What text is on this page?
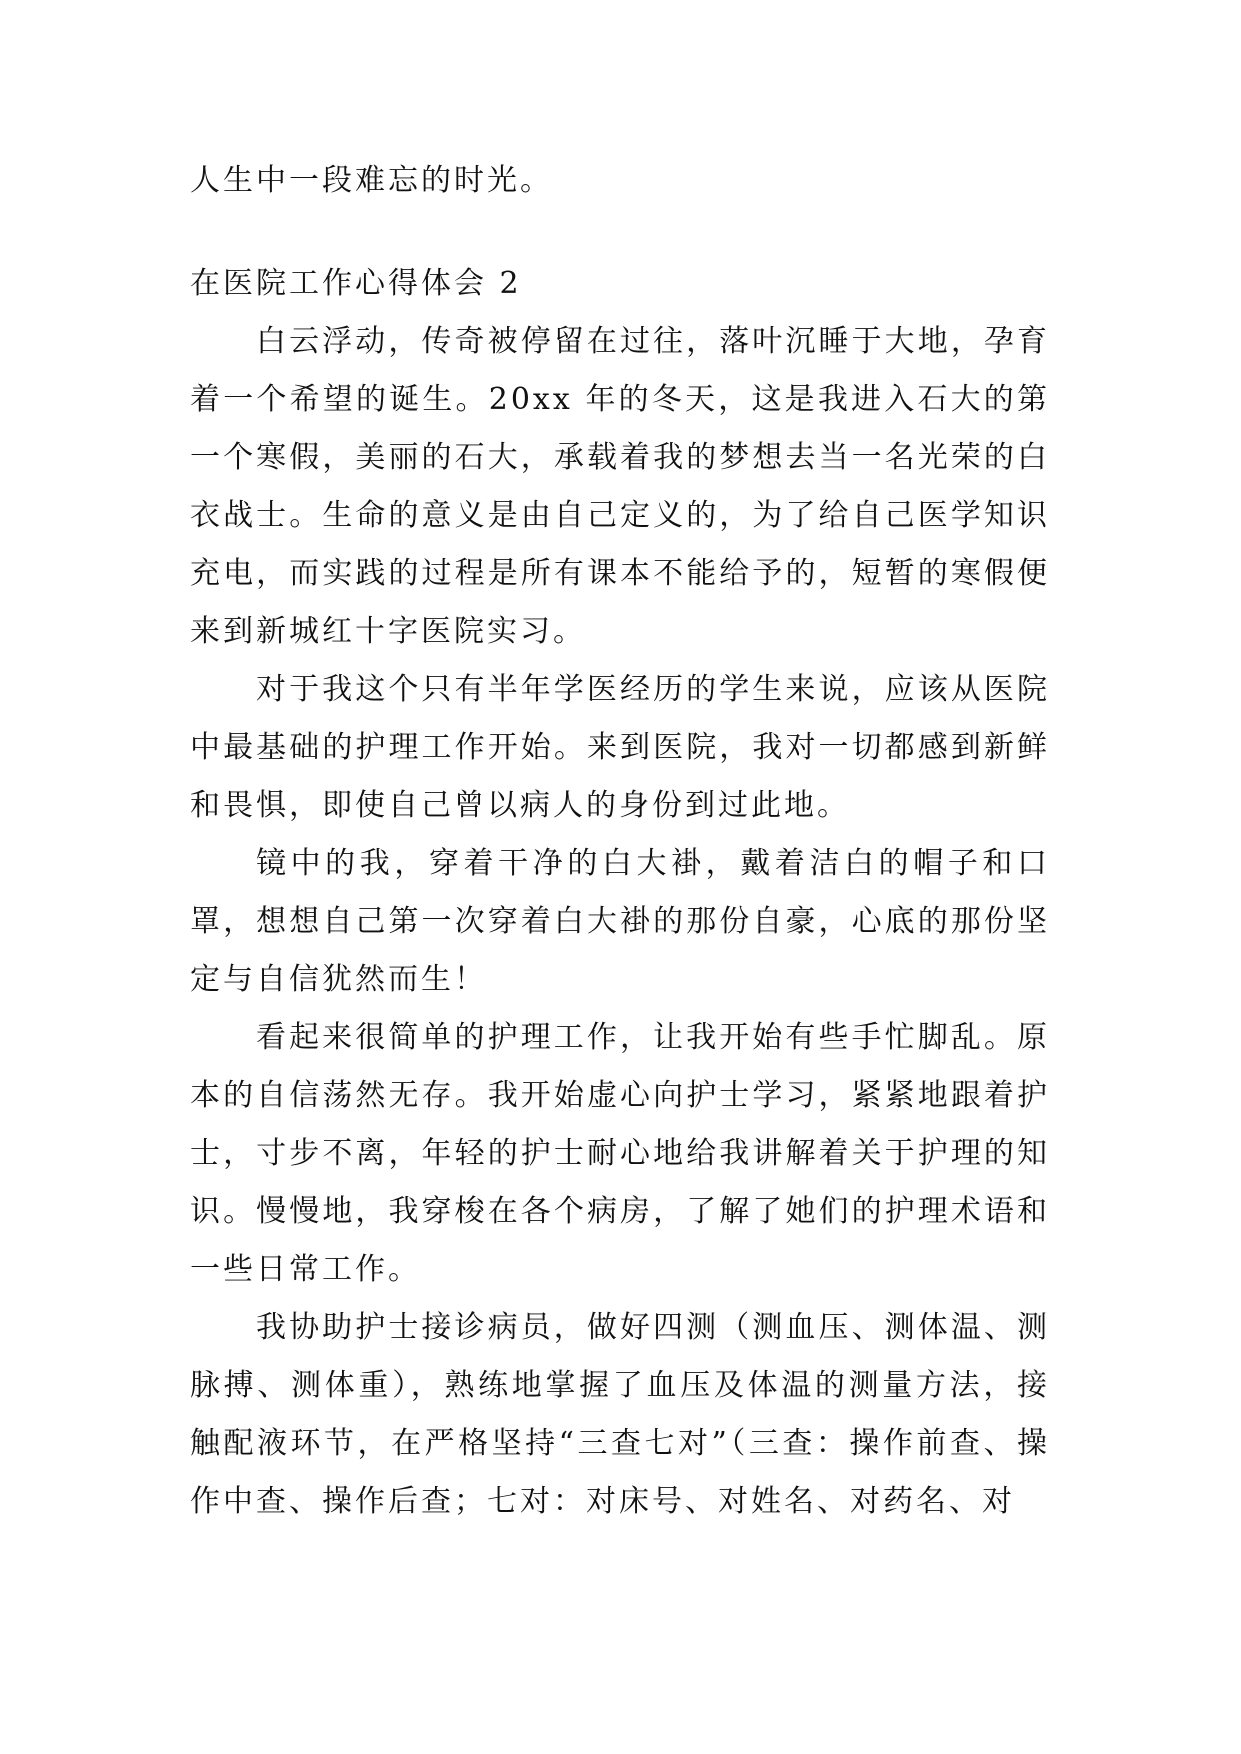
人生中一段难忘的时光。

在医院工作心得体会 2

白云浮动，传奇被停留在过往，落叶沉睡于大地，孕育着一个希望的诞生。20xx 年的冬天，这是我进入石大的第一个寒假，美丽的石大，承载着我的梦想去当一名光荣的白衣战士。生命的意义是由自己定义的，为了给自己医学知识充电，而实践的过程是所有课本不能给予的，短暂的寒假便来到新城红十字医院实习。

对于我这个只有半年学医经历的学生来说，应该从医院中最基础的护理工作开始。来到医院，我对一切都感到新鲜和畏惧，即使自己曾以病人的身份到过此地。

镜中的我，穿着干净的白大褂，戴着洁白的帽子和口罩，想想自己第一次穿着白大褂的那份自豪，心底的那份坚定与自信犹然而生！

看起来很简单的护理工作，让我开始有些手忙脚乱。原本的自信荡然无存。我开始虚心向护士学习，紧紧地跟着护士，寸步不离，年轻的护士耐心地给我讲解着关于护理的知识。慢慢地，我穿梭在各个病房，了解了她们的护理术语和一些日常工作。

我协助护士接诊病员，做好四测（测血压、测体温、测脉搏、测体重），熟练地掌握了血压及体温的测量方法，接触配液环节，在严格坚持“三查七对”（三查：操作前查、操作中查、操作后查；七对：对床号、对姓名、对药名、对
